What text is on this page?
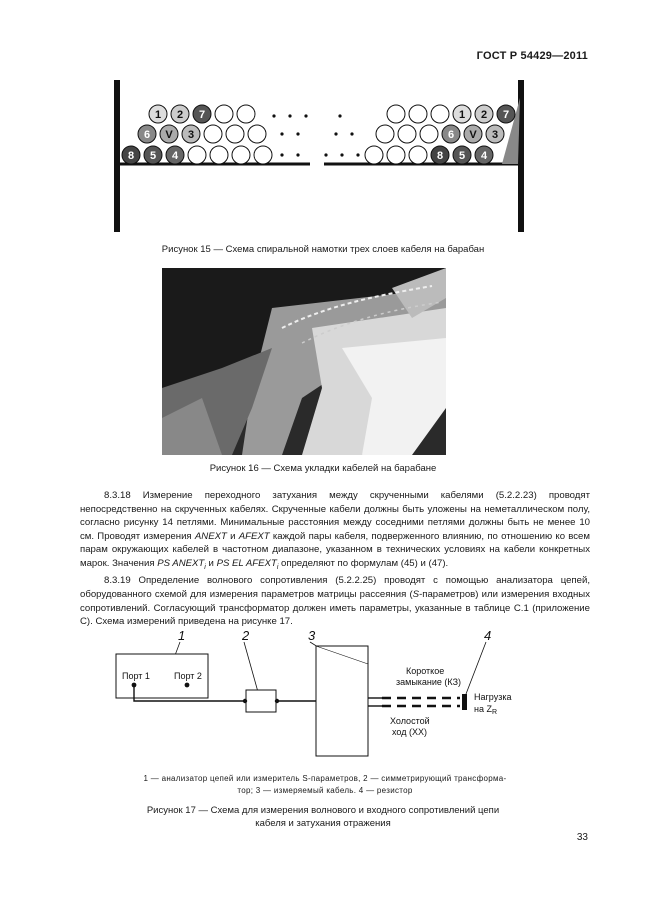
ГОСТ Р 54429—2011
8 5 4
6 V 3
1 2 7
8 5 4
6 V 3
1 2 7
Рисунок 15 — Схема спиральной намотки трех слоев кабеля на барабан
Рисунок 16 — Схема укладки кабелей на барабане

8.3.18 Измерение переходного затухания между скрученными кабелями (5.2.2.23) проводят непосредственно на скрученных кабелях. Скрученные кабели должны быть уложены на неметаллическом полу, согласно рисунку 14 петлями. Минимальные расстояния между соседними петлями должны быть не менее 10 см. Проводят измерения ANEXT и AFEXT каждой пары кабеля, подверженного влиянию, по отношению ко всем парам окружающих кабелей в частотном диапазоне, указанном в технических условиях на кабели конкретных марок. Значения PS $ANEXT_i$ и PS EL $AFEXT_i$ определяют по формулам (45) и (47).

8.3.19 Определение волнового сопротивления (5.2.2.25) проводят с помощью анализатора цепей, оборудованного схемой для измерения параметров матрицы рассеяния (S-параметров) или измерения входных сопротивлений. Согласующий трансформатор должен иметь параметры, указанные в таблице С.1 (приложение С). Схема измерений приведена на рисунке 17.

1	2	3	4
Порт 1	Порт 2	Короткое
замыкание (КЗ)
Холостой
ход (XX)
Нагрузка
на $Z_R$
1 — анализатор цепей или измеритель S-параметров, 2 — симметрирующий трансформа-
тор; 3 — измеряемый кабель. 4 — резистор
Рисунок 17 — Схема для измерения волнового и входного сопротивлений цепи
кабеля и затухания отражения
33
